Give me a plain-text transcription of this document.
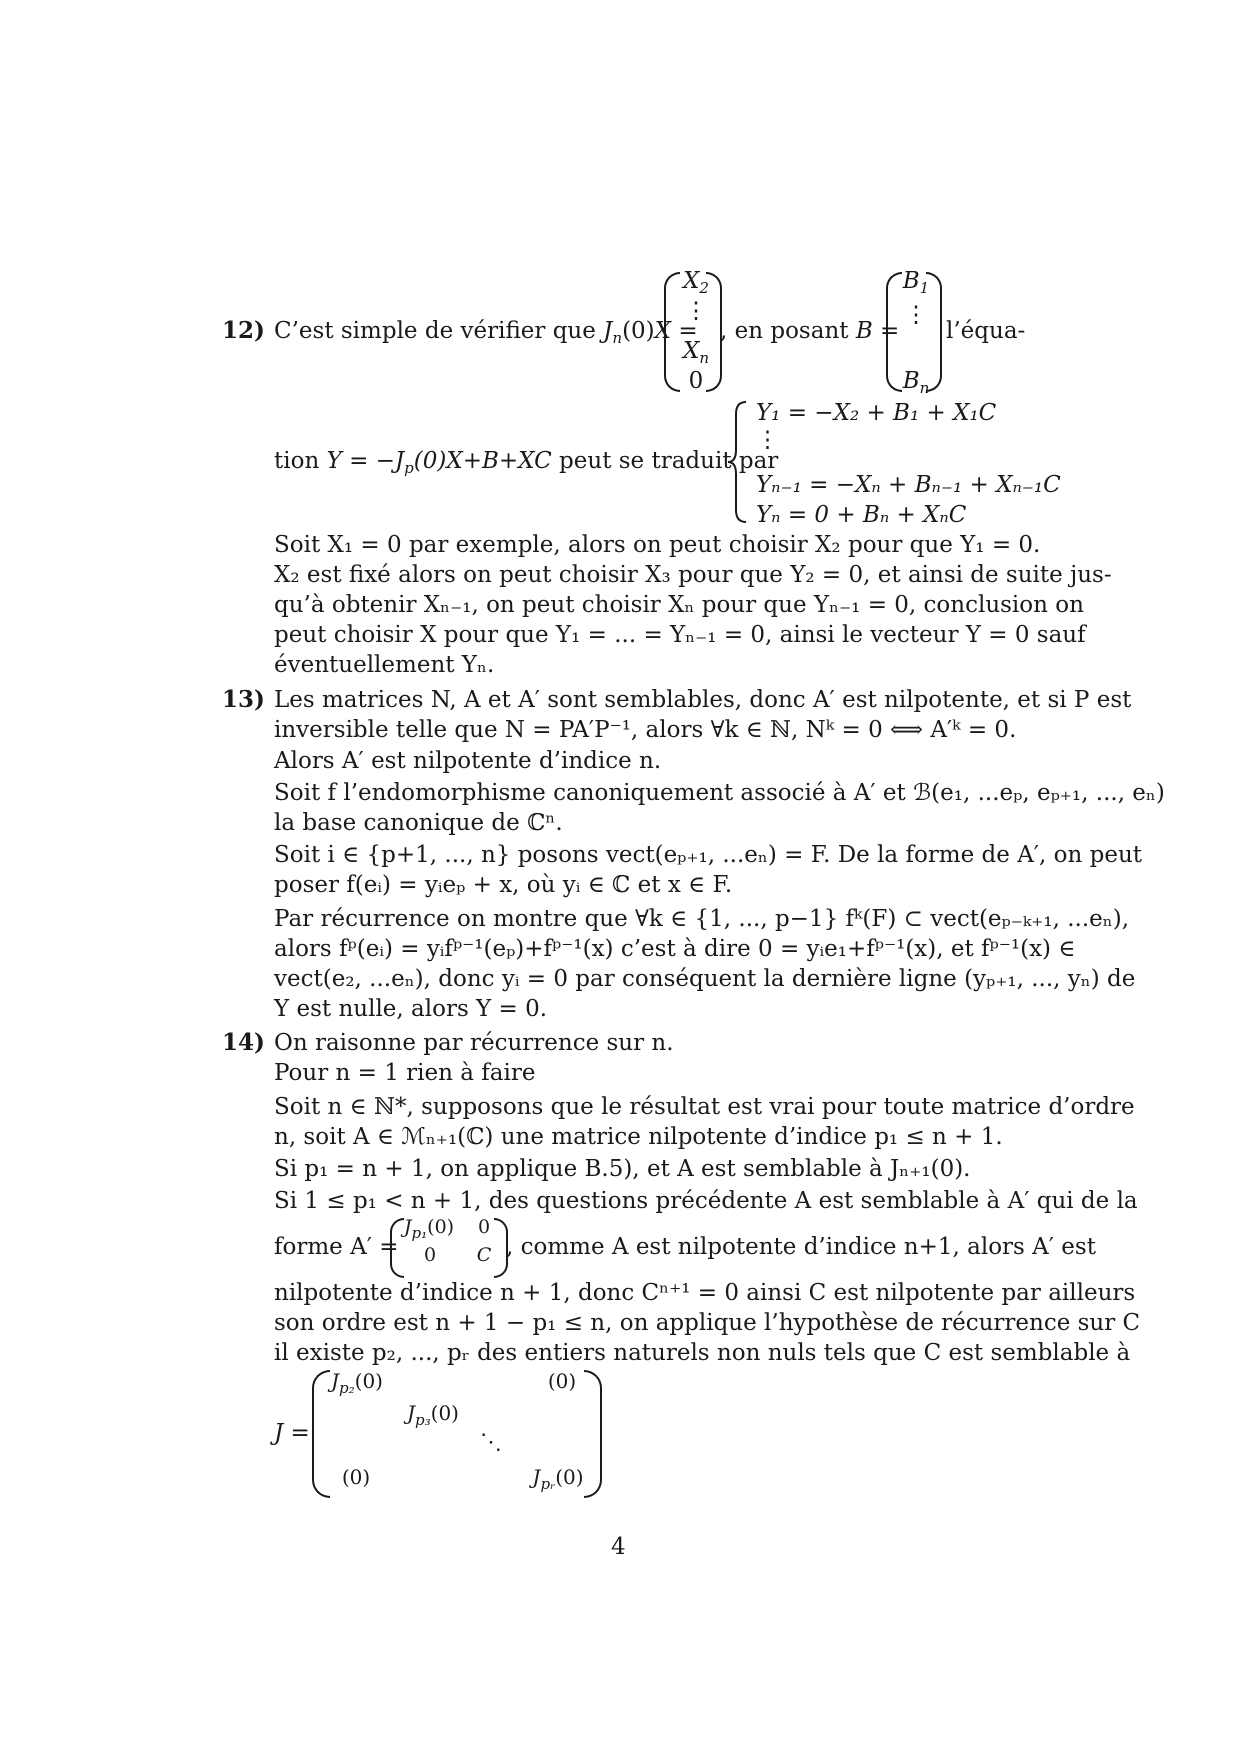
12) C’est simple de vérifier que $J_n(0)X$ =
$X_2$
⋮
$X_n$
0
, en posant B =
$B_1$
⋮
$B_n$
l’équa-
tion $Y = -J_p(0)X+B+XC$ peut se traduit par
Y₁ = −X₂ + B₁ + X₁C
⋮
Yₙ₋₁ = −Xₙ + Bₙ₋₁ + Xₙ₋₁C
Yₙ = 0 + Bₙ + XₙC
Soit X₁ = 0 par exemple, alors on peut choisir X₂ pour que Y₁ = 0.
X₂ est fixé alors on peut choisir X₃ pour que Y₂ = 0, et ainsi de suite jus-
qu’à obtenir Xₙ₋₁, on peut choisir Xₙ pour que Yₙ₋₁ = 0, conclusion on
peut choisir X pour que Y₁ = ... = Yₙ₋₁ = 0, ainsi le vecteur Y = 0 sauf
éventuellement Yₙ.
13) Les matrices N, A et A′ sont semblables, donc A′ est nilpotente, et si P est
inversible telle que N = PA′P⁻¹, alors ∀k ∈ ℕ, Nᵏ = 0 ⟺ A′ᵏ = 0.
Alors A′ est nilpotente d’indice n.
Soit f l’endomorphisme canoniquement associé à A′ et ℬ(e₁, ...eₚ, eₚ₊₁, ..., eₙ)
la base canonique de ℂⁿ.
Soit i ∈ {p+1, ..., n} posons vect(eₚ₊₁, ...eₙ) = F. De la forme de A′, on peut
poser f(eᵢ) = yᵢeₚ + x, où yᵢ ∈ ℂ et x ∈ F.
Par récurrence on montre que ∀k ∈ {1, ..., p−1} fᵏ(F) ⊂ vect(eₚ₋ₖ₊₁, ...eₙ),
alors fᵖ(eᵢ) = yᵢfᵖ⁻¹(eₚ)+fᵖ⁻¹(x) c’est à dire 0 = yᵢe₁+fᵖ⁻¹(x), et fᵖ⁻¹(x) ∈
vect(e₂, ...eₙ), donc yᵢ = 0 par conséquent la dernière ligne (yₚ₊₁, ..., yₙ) de
Y est nulle, alors Y = 0.
14) On raisonne par récurrence sur n.
Pour n = 1 rien à faire
Soit n ∈ ℕ*, supposons que le résultat est vrai pour toute matrice d’ordre
n, soit A ∈ ℳₙ₊₁(ℂ) une matrice nilpotente d’indice p₁ ≤ n + 1.
Si p₁ = n + 1, on applique B.5), et A est semblable à Jₙ₊₁(0).
Si 1 ≤ p₁ < n + 1, des questions précédente A est semblable à A′ qui de la
forme A′ =
$J_{p_1}(0)$	0
0	C , comme A est nilpotente d’indice n+1, alors A′ est
nilpotente d’indice n + 1, donc Cⁿ⁺¹ = 0 ainsi C est nilpotente par ailleurs
son ordre est n + 1 − p₁ ≤ n, on applique l’hypothèse de récurrence sur C
il existe p₂, ..., pᵣ des entiers naturels non nuls tels que C est semblable à
J =
$J_{p_2}(0)$	(0)
$J_{p_3}(0)$
⋱
(0)	$J_{pᵣ}(0)$
4
